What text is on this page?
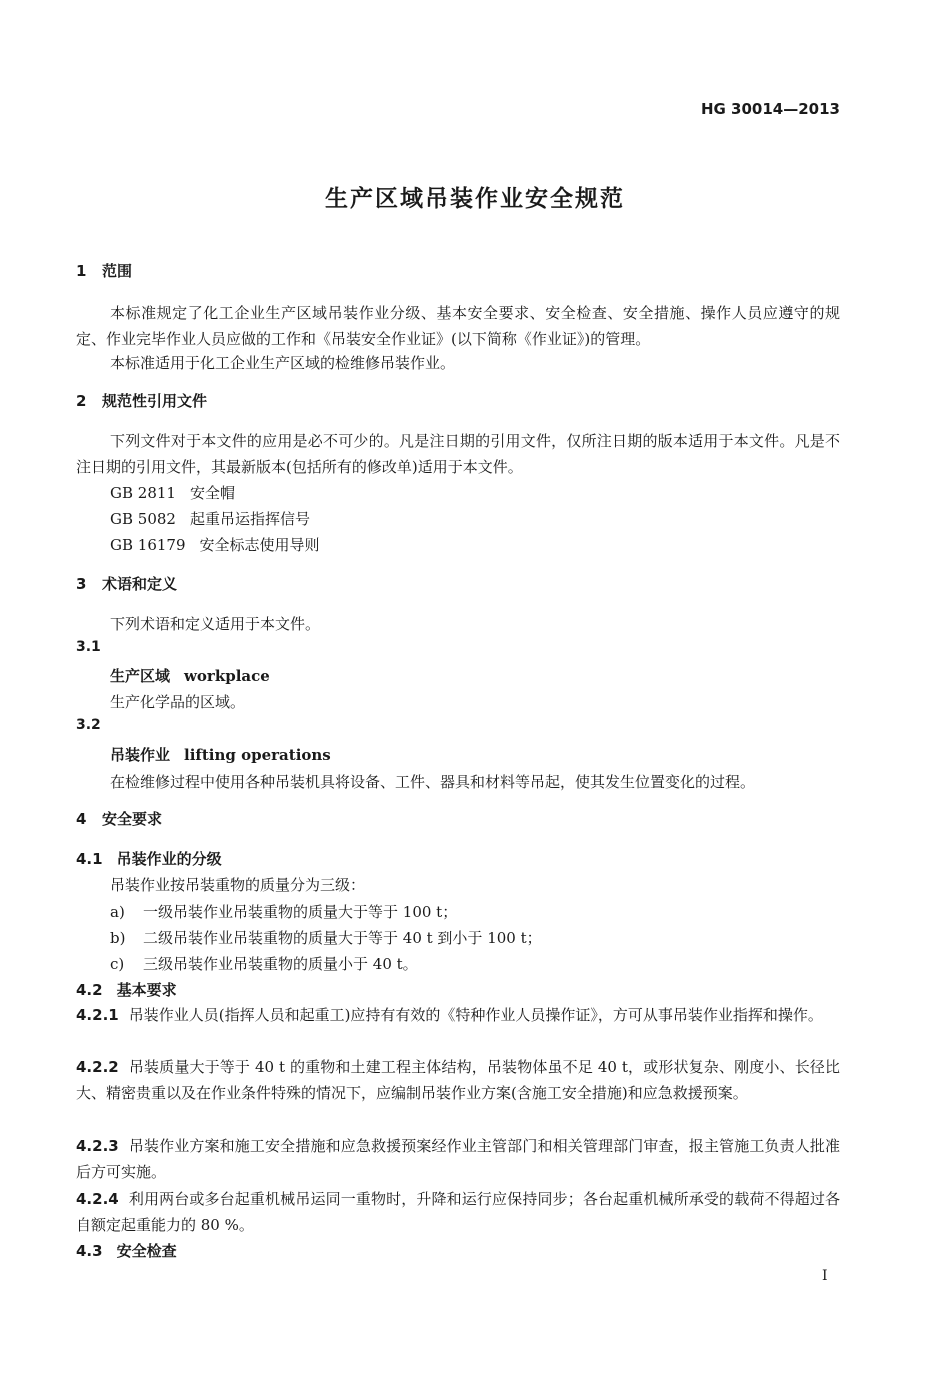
HG 30014—2013
生产区域吊装作业安全规范
1 范围
本标准规定了化工企业生产区域吊装作业分级、基本安全要求、安全检查、安全措施、操作人员应遵守的规定、作业完毕作业人员应做的工作和《吊装安全作业证》(以下简称《作业证》)的管理。
本标准适用于化工企业生产区域的检维修吊装作业。
2 规范性引用文件
下列文件对于本文件的应用是必不可少的。凡是注日期的引用文件，仅所注日期的版本适用于本文件。凡是不注日期的引用文件，其最新版本(包括所有的修改单)适用于本文件。
GB 2811 安全帽
GB 5082 起重吊运指挥信号
GB 16179 安全标志使用导则
3 术语和定义
下列术语和定义适用于本文件。
3.1
生产区域 workplace
生产化学品的区域。
3.2
吊装作业 lifting operations
在检维修过程中使用各种吊装机具将设备、工件、器具和材料等吊起，使其发生位置变化的过程。
4 安全要求
4.1 吊装作业的分级
吊装作业按吊装重物的质量分为三级：
a) 一级吊装作业吊装重物的质量大于等于 100 t；
b) 二级吊装作业吊装重物的质量大于等于 40 t 到小于 100 t；
c) 三级吊装作业吊装重物的质量小于 40 t。
4.2 基本要求
4.2.1 吊装作业人员(指挥人员和起重工)应持有有效的《特种作业人员操作证》，方可从事吊装作业指挥和操作。
4.2.2 吊装质量大于等于 40 t 的重物和土建工程主体结构，吊装物体虽不足 40 t，或形状复杂、刚度小、长径比大、精密贵重以及在作业条件特殊的情况下，应编制吊装作业方案(含施工安全措施)和应急救援预案。
4.2.3 吊装作业方案和施工安全措施和应急救援预案经作业主管部门和相关管理部门审查，报主管施工负责人批准后方可实施。
4.2.4 利用两台或多台起重机械吊运同一重物时，升降和运行应保持同步；各台起重机械所承受的载荷不得超过各自额定起重能力的 80 %。
4.3 安全检查
I
